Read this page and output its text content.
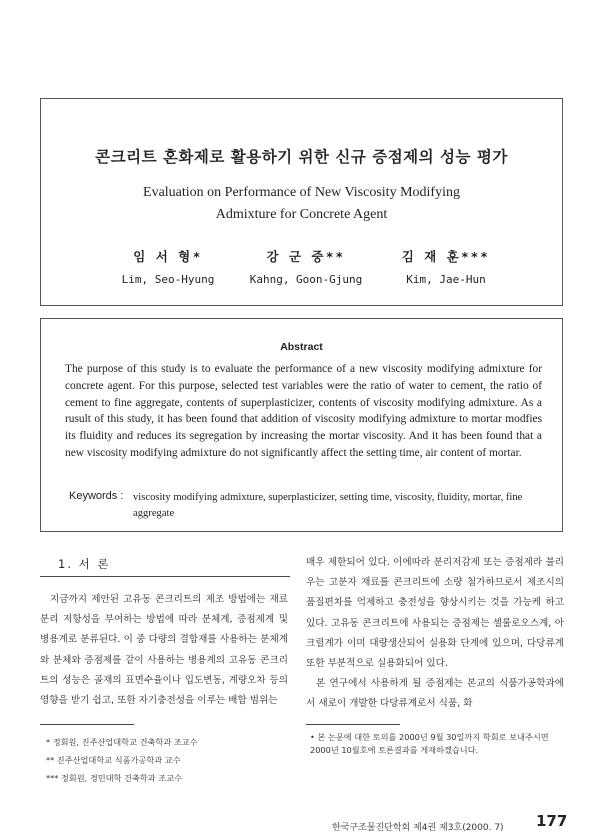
콘크리트 혼화제로 활용하기 위한 신규 증점제의 성능 평가
Evaluation on Performance of New Viscosity Modifying
Admixture for Concrete Agent
임 서 형*
Lim, Seo-Hyung
강 군 중**
Kahng, Goon-Gjung
김 재 훈***
Kim, Jae-Hun
Abstract
The purpose of this study is to evaluate the performance of a new viscosity modifying admixture for concrete agent. For this purpose, selected test variables were the ratio of water to cement, the ratio of cement to fine aggregate, contents of superplasticizer, contents of viscosity modifying admixture. As a rusult of this study, it has been found that addition of viscosity modifying admixture to mortar modfies its fluidity and reduces its segregation by increasing the mortar viscosity. And it has been found that a new viscosity modifying admixture do not significantly affect the setting time, air content of mortar.
Keywords : viscosity modifying admixture, superplasticizer, setting time, viscosity, fluidity, mortar, fine aggregate
1. 서 론

지금까지 제안된 고유동 콘크리트의 제조 방법에는 재료분리 저항성을 부여하는 방법에 따라 분체계, 증점제계 및 병용계로 분류된다. 이 중 다량의 결합재를 사용하는 분체계와 분체와 증점제를 같이 사용하는 병용계의 고유동 콘크리트의 성능은 골재의 표면수율이나 입도변동, 계량오차 등의 영향을 받기 쉽고, 또한 자기충전성을 이루는 배합 범위는

매우 제한되어 있다. 이에따라 분리저감제 또는 증점제라 불리우는 고분자 재료를 콘크리트에 소량 첨가하므로서 제조시의 품질편차를 억제하고 충전성을 향상시키는 것을 가능케 하고 있다. 고유동 콘크리트에 사용되는 증점제는 셀룰로오스계, 아크릴계가 이미 대량생산되어 실용화 단계에 있으며, 다당류계 또한 부분적으로 실용화되어 있다.

본 연구에서 사용하게 될 증점제는 본교의 식품가공학과에서 새로이 개발한 다당류계로서 식품, 화

* 정회원, 진주산업대학교 건축학과 조교수
** 진주산업대학교 식품가공학과 교수
*** 정회원, 경민대학 건축학과 조교수
• 본 논문에 대한 토의를 2000년 9월 30일까지 학회로 보내주시면 2000년 10월호에 토론결과를 게재하겠습니다.
한국구조물진단학회 제4권 제3호(2000. 7) 177
